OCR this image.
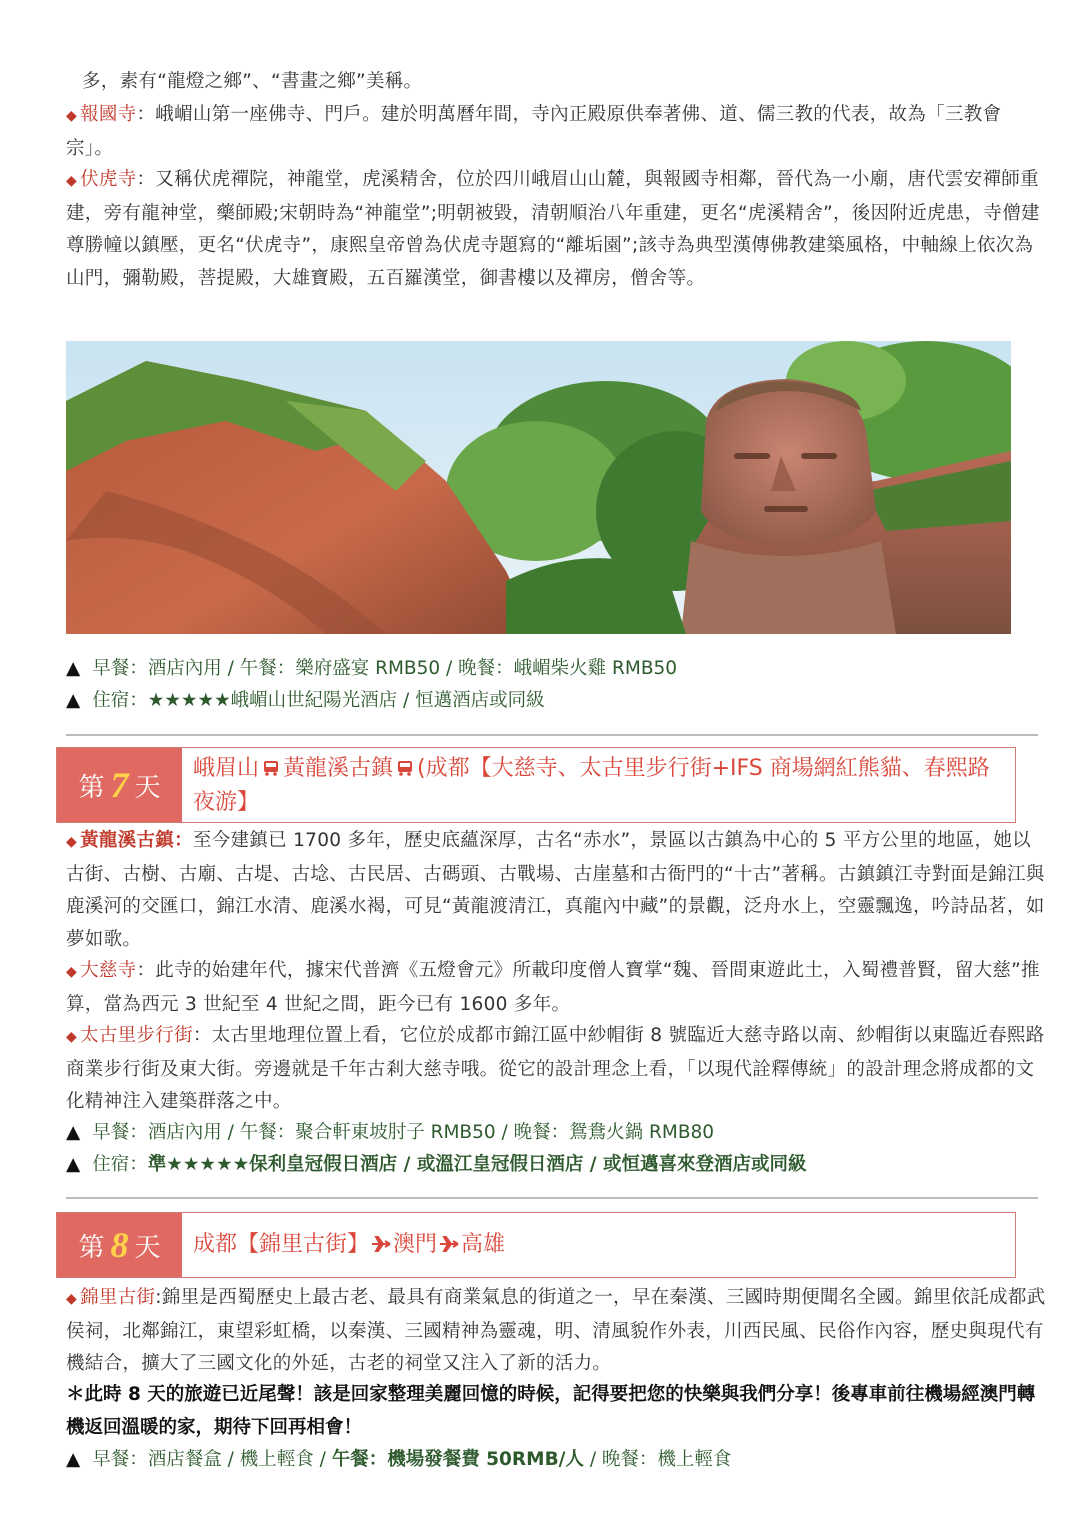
多，素有“龍燈之鄉”、“書畫之鄉”美稱。
◆ 報國寺：峨嵋山第一座佛寺、門戶。建於明萬曆年間，寺內正殿原供奉著佛、道、儒三教的代表，故為「三教會宗」。
◆ 伏虎寺：又稱伏虎禪院，神龍堂，虎溪精舍，位於四川峨眉山山麓，與報國寺相鄰，晉代為一小廟，唐代雲安禪師重建，旁有龍神堂，藥師殿;宋朝時為“神龍堂”;明朝被毀，清朝順治八年重建，更名“虎溪精舍”，後因附近虎患，寺僧建尊勝幢以鎮壓，更名“伏虎寺”，康熙皇帝曾為伏虎寺題寫的“離垢園”;該寺為典型漢傳佛教建築風格，中軸線上依次為山門，彌勒殿，菩提殿，大雄寶殿，五百羅漢堂，御書樓以及禪房，僧舍等。
▲ 早餐：酒店內用 / 午餐：樂府盛宴 RMB50 / 晚餐：峨嵋柴火雞 RMB50
▲ 住宿：★★★★★峨嵋山世紀陽光酒店 / 恒邁酒店或同級
第 7 天
峨眉山 黃龍溪古鎮 (成都【大慈寺、太古里步行街+IFS 商場網紅熊貓、春熙路夜游】
◆ 黃龍溪古鎮：至今建鎮已 1700 多年，歷史底蘊深厚，古名“赤水”，景區以古鎮為中心的 5 平方公里的地區，她以古街、古樹、古廟、古堤、古埝、古民居、古碼頭、古戰場、古崖墓和古衙門的“十古”著稱。古鎮鎮江寺對面是錦江與鹿溪河的交匯口，錦江水清、鹿溪水褐，可見“黃龍渡清江，真龍內中藏”的景觀，泛舟水上，空靈飄逸，吟詩品茗，如夢如歌。
◆ 大慈寺：此寺的始建年代，據宋代普濟《五燈會元》所載印度僧人寶掌“魏、晉間東遊此土，入蜀禮普賢，留大慈”推算，當為西元 3 世紀至 4 世紀之間，距今已有 1600 多年。
◆ 太古里步行街：太古里地理位置上看，它位於成都市錦江區中紗帽街 8 號臨近大慈寺路以南、紗帽街以東臨近春熙路商業步行街及東大街。旁邊就是千年古剎大慈寺哦。從它的設計理念上看，「以現代詮釋傳統」的設計理念將成都的文化精神注入建築群落之中。
▲ 早餐：酒店內用 / 午餐：聚合軒東坡肘子 RMB50 / 晚餐：鴛鴦火鍋 RMB80
▲ 住宿：準★★★★★保利皇冠假日酒店 / 或溫江皇冠假日酒店 / 或恒邁喜來登酒店或同級
第 8 天 成都【錦里古街】 澳門 高雄
◆ 錦里古街:錦里是西蜀歷史上最古老、最具有商業氣息的街道之一，早在秦漢、三國時期便聞名全國。錦里依託成都武侯祠，北鄰錦江，東望彩虹橋，以秦漢、三國精神為靈魂，明、清風貌作外表，川西民風、民俗作內容，歷史與現代有機結合，擴大了三國文化的外延，古老的祠堂又注入了新的活力。
＊此時 8 天的旅遊已近尾聲！該是回家整理美麗回憶的時候，記得要把您的快樂與我們分享！後專車前往機場經澳門轉機返回溫暖的家，期待下回再相會！
▲ 早餐：酒店餐盒 / 機上輕食 / 午餐：機場發餐費 50RMB/人 / 晚餐：機上輕食
